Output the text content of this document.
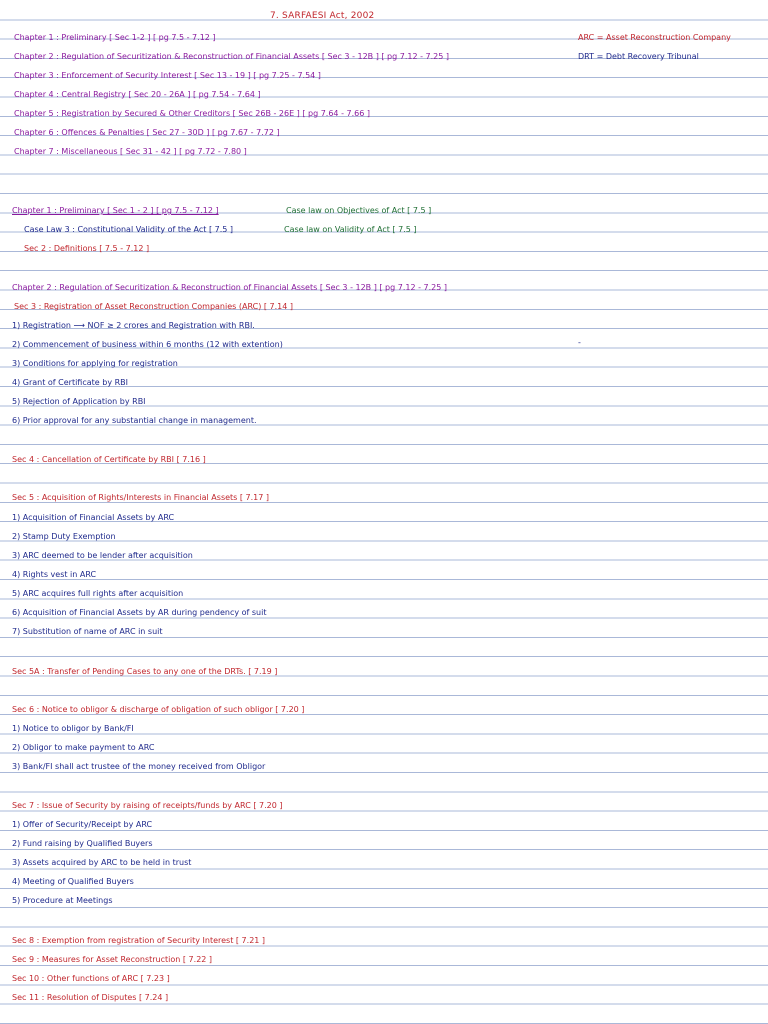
7. SARFAESI Act, 2002
ARC = Asset Reconstruction Company
DRT = Debt Recovery Tribunal
Chapter 1 : Preliminary [ Sec 1-2 ] [ pg 7.5 - 7.12 ]
Chapter 2 : Regulation of Securitization & Reconstruction of Financial Assets [ Sec 3 - 12B ] [ pg 7.12 - 7.25 ]
Chapter 3 : Enforcement of Security Interest [ Sec 13 - 19 ] [ pg 7.25 - 7.54 ]
Chapter 4 : Central Registry [ Sec 20 - 26A ] [ pg 7.54 - 7.64 ]
Chapter 5 : Registration by Secured & Other Creditors [ Sec 26B - 26E ] [ pg 7.64 - 7.66 ]
Chapter 6 : Offences & Penalties [ Sec 27 - 30D ] [ pg 7.67 - 7.72 ]
Chapter 7 : Miscellaneous [ Sec 31 - 42 ] [ pg 7.72 - 7.80 ]
Chapter 1 : Preliminary [ Sec 1 - 2 ] [ pg 7.5 - 7.12 ]	Case law on Objectives of Act [ 7.5 ]
Case Law 3 : Constitutional Validity of the Act [ 7.5 ]	Case law on Validity of Act [ 7.5 ]
Sec 2 : Definitions [ 7.5 - 7.12 ]
Chapter 2 : Regulation of Securitization & Reconstruction of Financial Assets [ Sec 3 - 12B ] [ pg 7.12 - 7.25 ]
Sec 3 : Registration of Asset Reconstruction Companies (ARC) [ 7.14 ]
1) Registration ⟶ NOF ≥ 2 crores and Registration with RBI.
2) Commencement of business within 6 months (12 with extention)	-
3) Conditions for applying for registration
4) Grant of Certificate by RBI
5) Rejection of Application by RBI
6) Prior approval for any substantial change in management.
Sec 4 : Cancellation of Certificate by RBI [ 7.16 ]
Sec 5 : Acquisition of Rights/Interests in Financial Assets [ 7.17 ]
1) Acquisition of Financial Assets by ARC
2) Stamp Duty Exemption
3) ARC deemed to be lender after acquisition
4) Rights vest in ARC
5) ARC acquires full rights after acquisition
6) Acquisition of Financial Assets by AR during pendency of suit
7) Substitution of name of ARC in suit
Sec 5A : Transfer of Pending Cases to any one of the DRTs. [ 7.19 ]
Sec 6 : Notice to obligor & discharge of obligation of such obligor [ 7.20 ]
1) Notice to obligor by Bank/FI
2) Obligor to make payment to ARC
3) Bank/FI shall act trustee of the money received from Obligor
Sec 7 : Issue of Security by raising of receipts/funds by ARC [ 7.20 ]
1) Offer of Security/Receipt by ARC
2) Fund raising by Qualified Buyers
3) Assets acquired by ARC to be held in trust
4) Meeting of Qualified Buyers
5) Procedure at Meetings
Sec 8 : Exemption from registration of Security Interest [ 7.21 ]
Sec 9 : Measures for Asset Reconstruction [ 7.22 ]
Sec 10 : Other functions of ARC [ 7.23 ]
Sec 11 : Resolution of Disputes [ 7.24 ]
